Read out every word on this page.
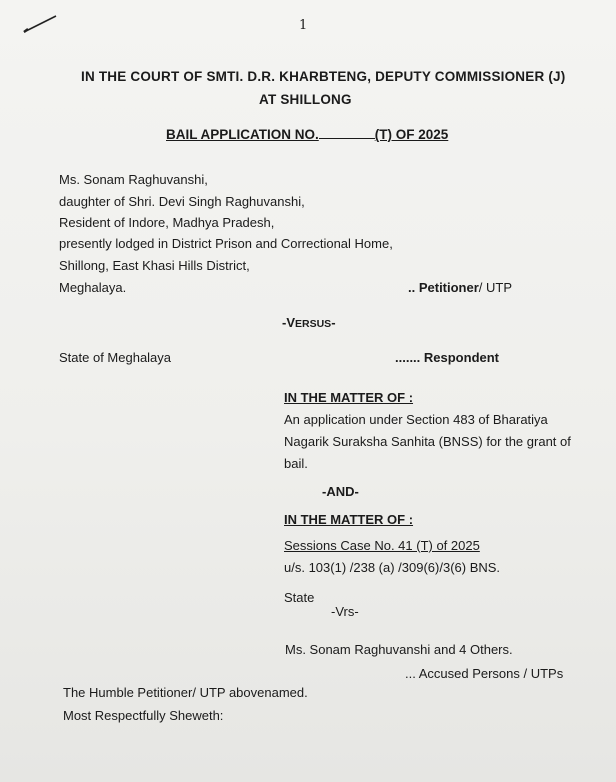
1
IN THE COURT OF SMTI. D.R. KHARBTENG, DEPUTY COMMISSIONER (J)
AT SHILLONG
BAIL APPLICATION NO.	(T) OF 2025
Ms. Sonam Raghuvanshi,
daughter of Shri. Devi Singh Raghuvanshi,
Resident of Indore, Madhya Pradesh,
presently lodged in District Prison and Correctional Home,
Shillong, East Khasi Hills District,
Meghalaya.	.. Petitioner/ UTP
-VERSUS-
State of Meghalaya	....... Respondent
IN THE MATTER OF :
An application under Section 483 of Bharatiya
Nagarik Suraksha Sanhita (BNSS) for the grant of
bail.
-AND-
IN THE MATTER OF :
Sessions Case No. 41 (T) of 2025
u/s. 103(1) /238 (a) /309(6)/3(6) BNS.
State
-Vrs-
Ms. Sonam Raghuvanshi and 4 Others.
... Accused Persons / UTPs
The Humble Petitioner/ UTP abovenamed.
Most Respectfully Sheweth:
